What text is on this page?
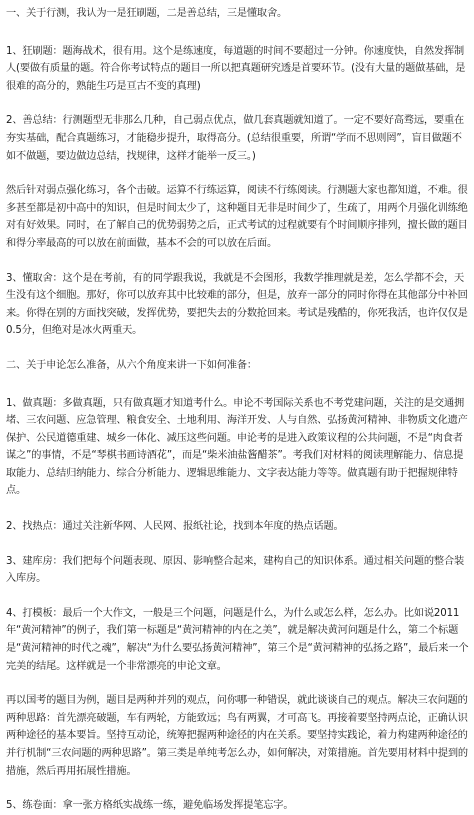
一、关于行测，我认为一是狂刷题，二是善总结，三是懂取舍。

1、狂刷题：题海战术，很有用。这个是练速度，每道题的时间不要超过一分钟。你速度快，自然发挥制人(要做有质量的题。符合你考试特点的题目一所以把真题研究透是首要环节。(没有大量的题做基础，是很难的高分的，熟能生巧是亘古不变的真理)

2、善总结：行测题型无非那么几种，自己弱点优点，做几套真题就知道了。一定不要好高骛远，要重在夯实基础，配合真题练习，才能稳步提升，取得高分。(总结很重要，所谓“学而不思则罔”，盲目做题不如不做题，要边做边总结，找规律，这样才能举一反三。)

然后针对弱点强化练习，各个击破。运算不行练运算，阅读不行练阅读。行测题大家也都知道，不难。很多甚至都是初中高中的知识，但是时间太少了，这种题目无非是时间少了，生疏了，用两个月强化训练绝对有好效果。同时，在了解自己的优势弱势之后，正式考试的过程就要有个时间顺序排列，擅长做的题目和得分率最高的可以放在前面做，基本不会的可以放在后面。

3、懂取舍：这个是在考前，有的同学跟我说，我就是不会图形，我数学推理就是差，怎么学都不会，天生没有这个细胞。那好，你可以放弃其中比较难的部分，但是，放弃一部分的同时你得在其他部分中补回来。你得在别的方面找突破，发挥优势，要把失去的分数抢回来。考试是残酷的，你死我活，也许仅仅是0.5分，但绝对是冰火两重天。

二、关于申论怎么准备，从六个角度来讲一下如何准备：

1、做真题：多做真题，只有做真题才知道考什么。申论不考国际关系也不考党建问题，关注的是交通拥堵、三农问题、应急管理、粮食安全、土地利用、海洋开发、人与自然、弘扬黄河精神、非物质文化遗产保护、公民道德重建、城乡一体化、减压这些问题。申论考的是进入政策议程的公共问题，不是“肉食者谋之”的事情，不是“琴棋书画诗酒花”，而是“柴米油盐酱醋茶”。考我们对材料的阅读理解能力、信息提取能力、总结归纳能力、综合分析能力、逻辑思维能力、文字表达能力等等。做真题有助于把握规律特点。

2、找热点：通过关注新华网、人民网、报纸社论，找到本年度的热点话题。

3、建库房：我们把每个问题表现、原因、影响整合起来，建构自己的知识体系。通过相关问题的整合装入库房。

4、打模板：最后一个大作文，一般是三个问题，问题是什么，为什么或怎么样，怎么办。比如说2011年“黄河精神”的例子，我们第一标题是“黄河精神的内在之美”，就是解决黄河问题是什么，第二个标题是“黄河精神的时代之魂”，解决“为什么要弘扬黄河精神”，第三个是“黄河精神的弘扬之路”，最后来一个完美的结尾。这样就是一个非常漂亮的申论文章。

再以国考的题目为例，题目是两种并列的观点，问你哪一种错误，就此谈谈自己的观点。解决三农问题的两种思路：首先漂亮破题，车有两轮，方能致远；鸟有两翼，才可高飞。再接着要坚持两点论，正确认识两种途径的基本要旨。坚持互动论，统筹把握两种途径的内在关系。要坚持实践论，着力构建两种途径的并行机制“三农问题的两种思路”。第三类是单纯考怎么办，如何解决，对策措施。首先要用材料中提到的措施，然后再用拓展性措施。

5、练卷面：拿一张方格纸实战练一练，避免临场发挥提笔忘字。
